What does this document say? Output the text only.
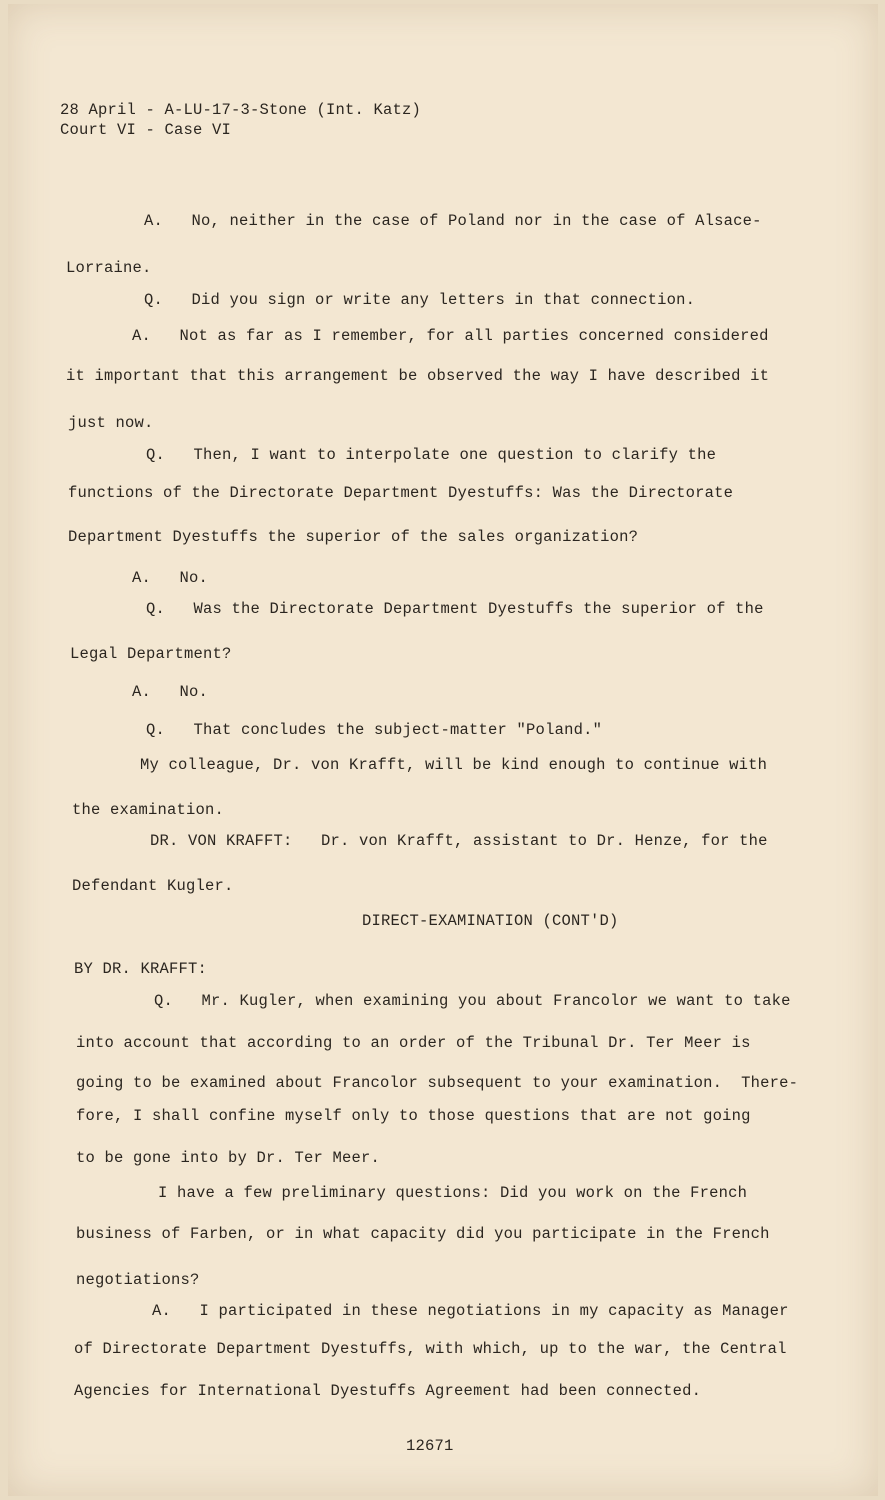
28 April - A-LU-17-3-Stone (Int. Katz)
Court VI - Case VI
A.   No, neither in the case of Poland nor in the case of Alsace-
Lorraine.
Q.   Did you sign or write any letters in that connection.
A.   Not as far as I remember, for all parties concerned considered
it important that this arrangement be observed the way I have described it
just now.
Q.   Then, I want to interpolate one question to clarify the
functions of the Directorate Department Dyestuffs: Was the Directorate
Department Dyestuffs the superior of the sales organization?
A.   No.
Q.   Was the Directorate Department Dyestuffs the superior of the
Legal Department?
A.   No.
Q.   That concludes the subject-matter "Poland."
My colleague, Dr. von Krafft, will be kind enough to continue with
the examination.
DR. VON KRAFFT:   Dr. von Krafft, assistant to Dr. Henze, for the
Defendant Kugler.
DIRECT-EXAMINATION (CONT'D)
BY DR. KRAFFT:
Q.   Mr. Kugler, when examining you about Francolor we want to take
into account that according to an order of the Tribunal Dr. Ter Meer is
going to be examined about Francolor subsequent to your examination.  There-
fore, I shall confine myself only to those questions that are not going
to be gone into by Dr. Ter Meer.
I have a few preliminary questions: Did you work on the French
business of Farben, or in what capacity did you participate in the French
negotiations?
A.   I participated in these negotiations in my capacity as Manager
of Directorate Department Dyestuffs, with which, up to the war, the Central
Agencies for International Dyestuffs Agreement had been connected.
12671
